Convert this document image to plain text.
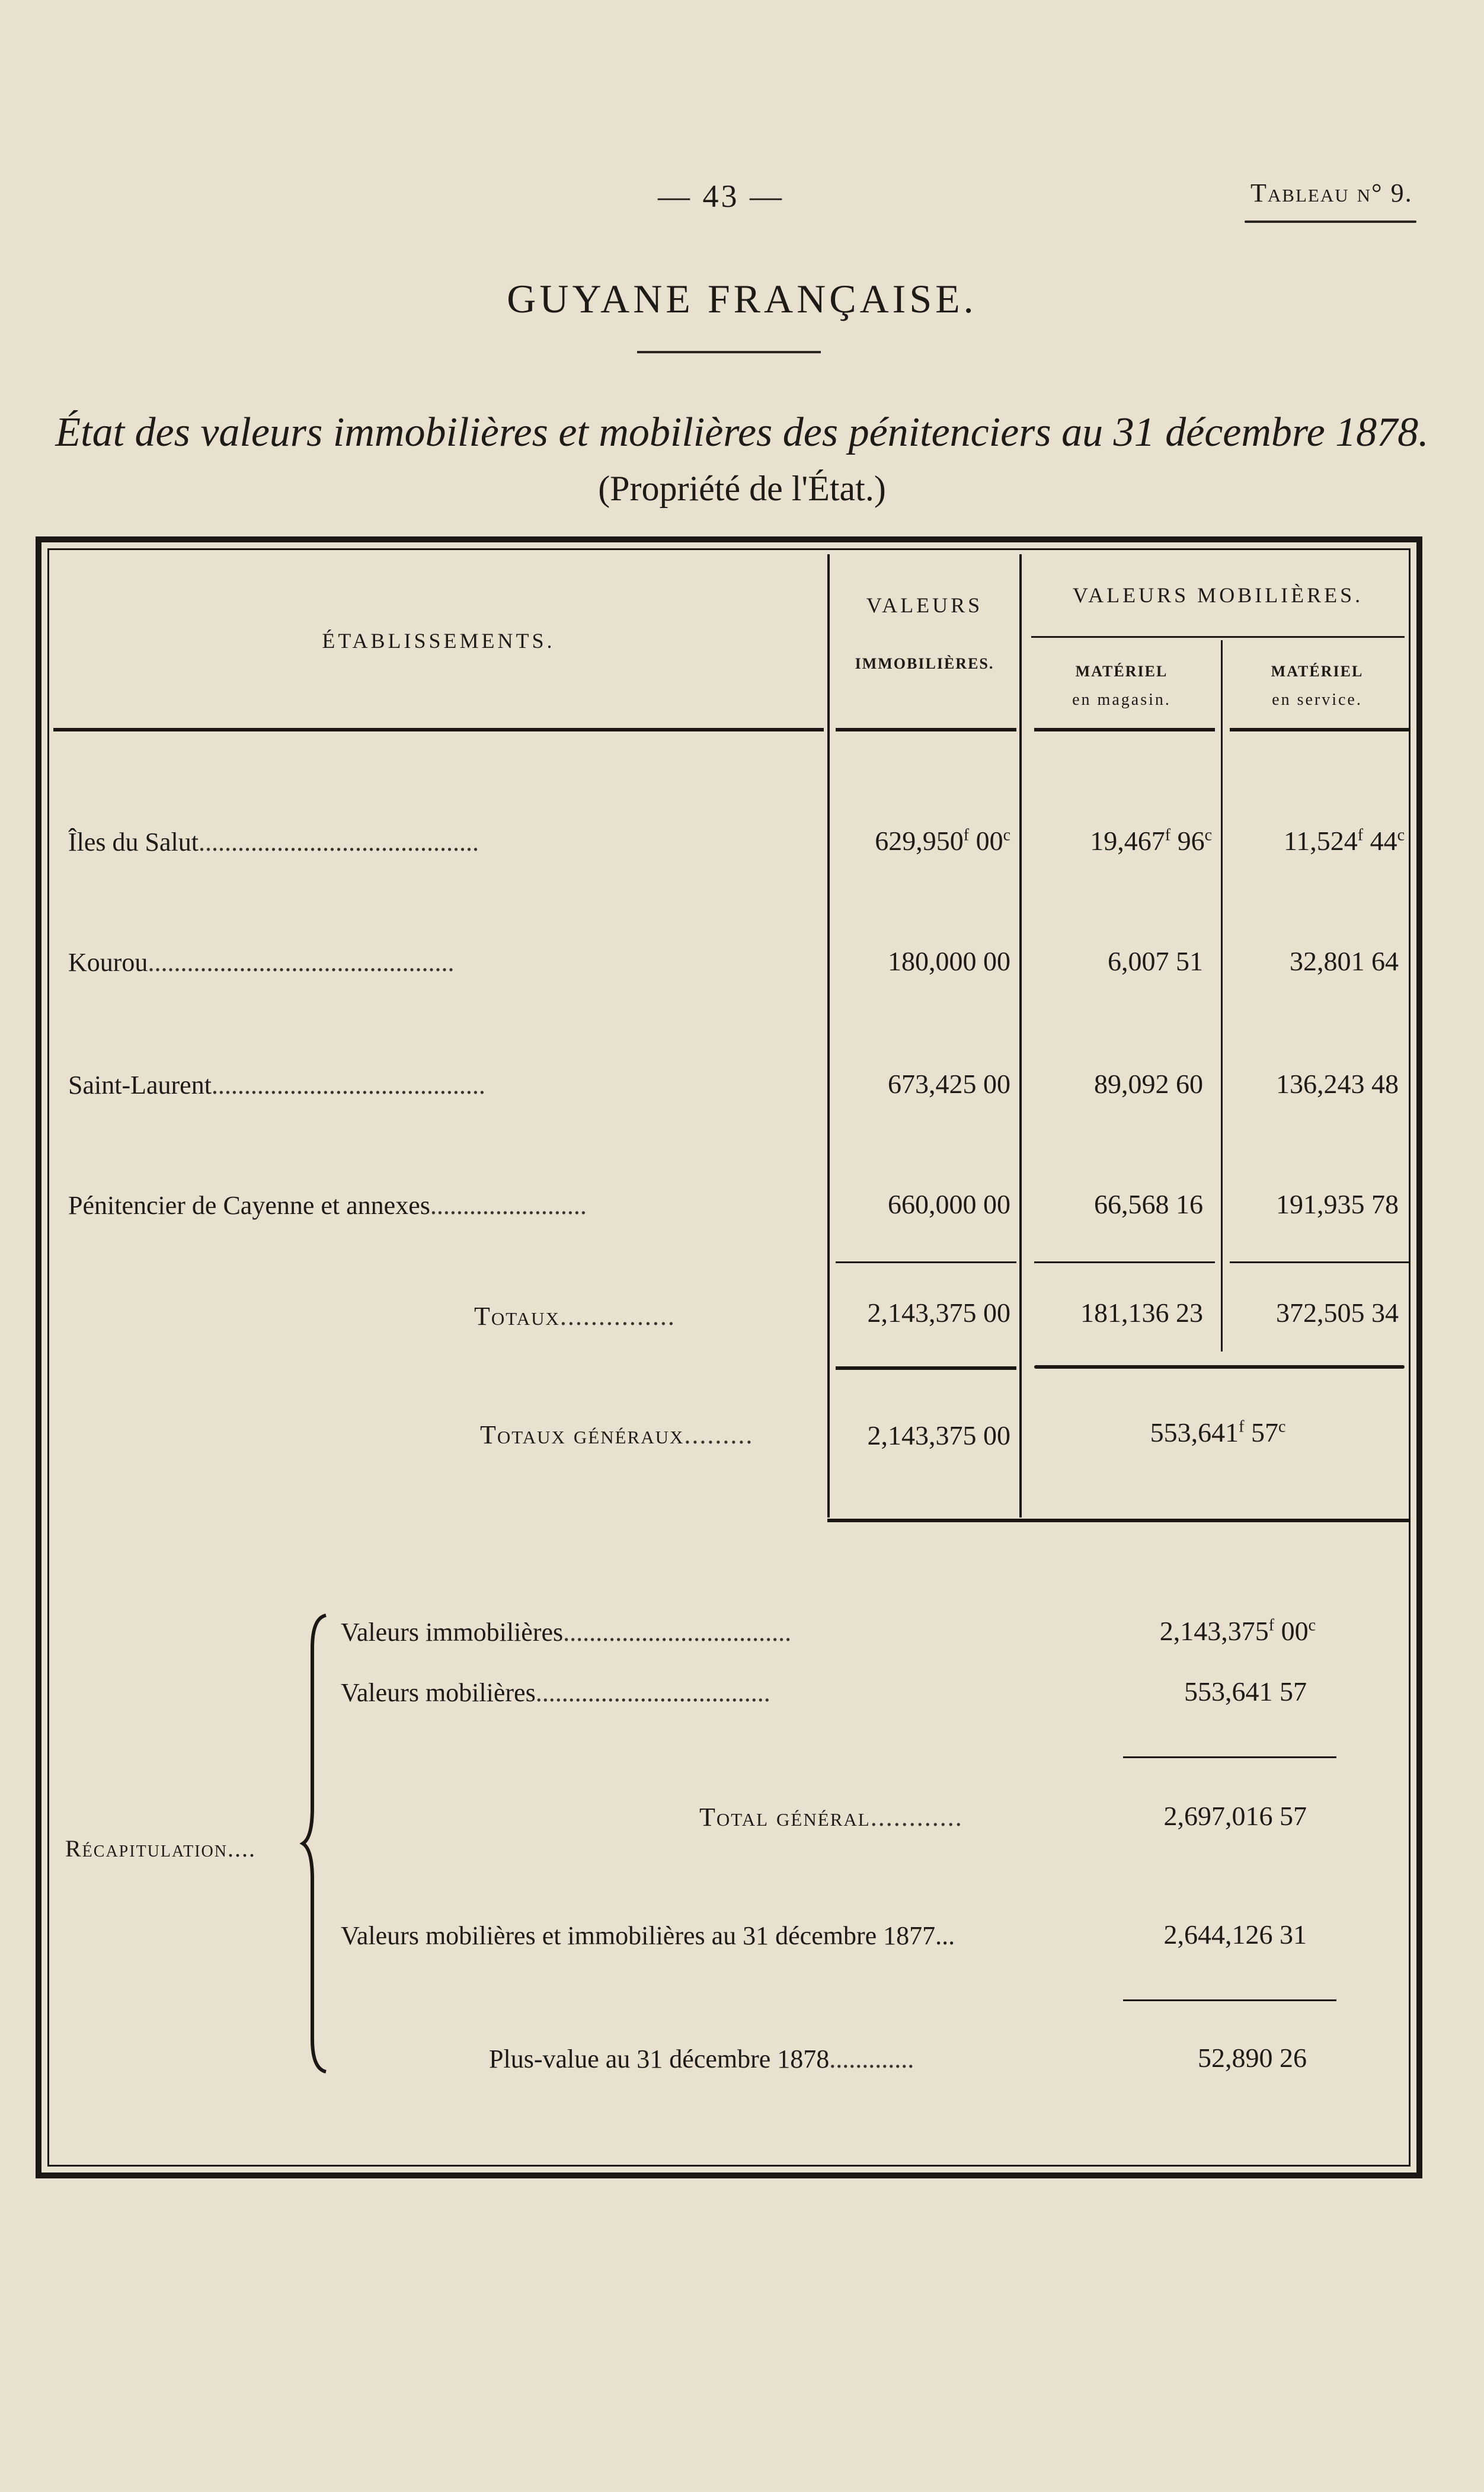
— 43 —	Tableau n° 9.
GUYANE FRANÇAISE.
État des valeurs immobilières et mobilières des pénitenciers au 31 décembre 1878.
(Propriété de l'État.)
ÉTABLISSEMENTS.
VALEURS
IMMOBILIÈRES.
VALEURS MOBILIÈRES.
MATÉRIEL
en magasin.
MATÉRIEL
en service.
Îles du Salut...........................................	629,950$^f$ 00$^c$	19,467$^f$ 96$^c$	11,524$^f$ 44$^c$
Kourou...............................................	180,000 00	6,007 51	32,801 64
Saint-Laurent..........................................	673,425 00	89,092 60	136,243 48
Pénitencier de Cayenne et annexes........................	660,000 00	66,568 16	191,935 78
Totaux...............	2,143,375 00	181,136 23	372,505 34
Totaux généraux.........	2,143,375 00	553,641$^f$ 57$^c$
Récapitulation....
Valeurs immobilières...................................	2,143,375$^f$ 00$^c$
Valeurs mobilières....................................	553,641 57
Total général............	2,697,016 57
Valeurs mobilières et immobilières au 31 décembre 1877...	2,644,126 31
Plus-value au 31 décembre 1878.............	52,890 26
